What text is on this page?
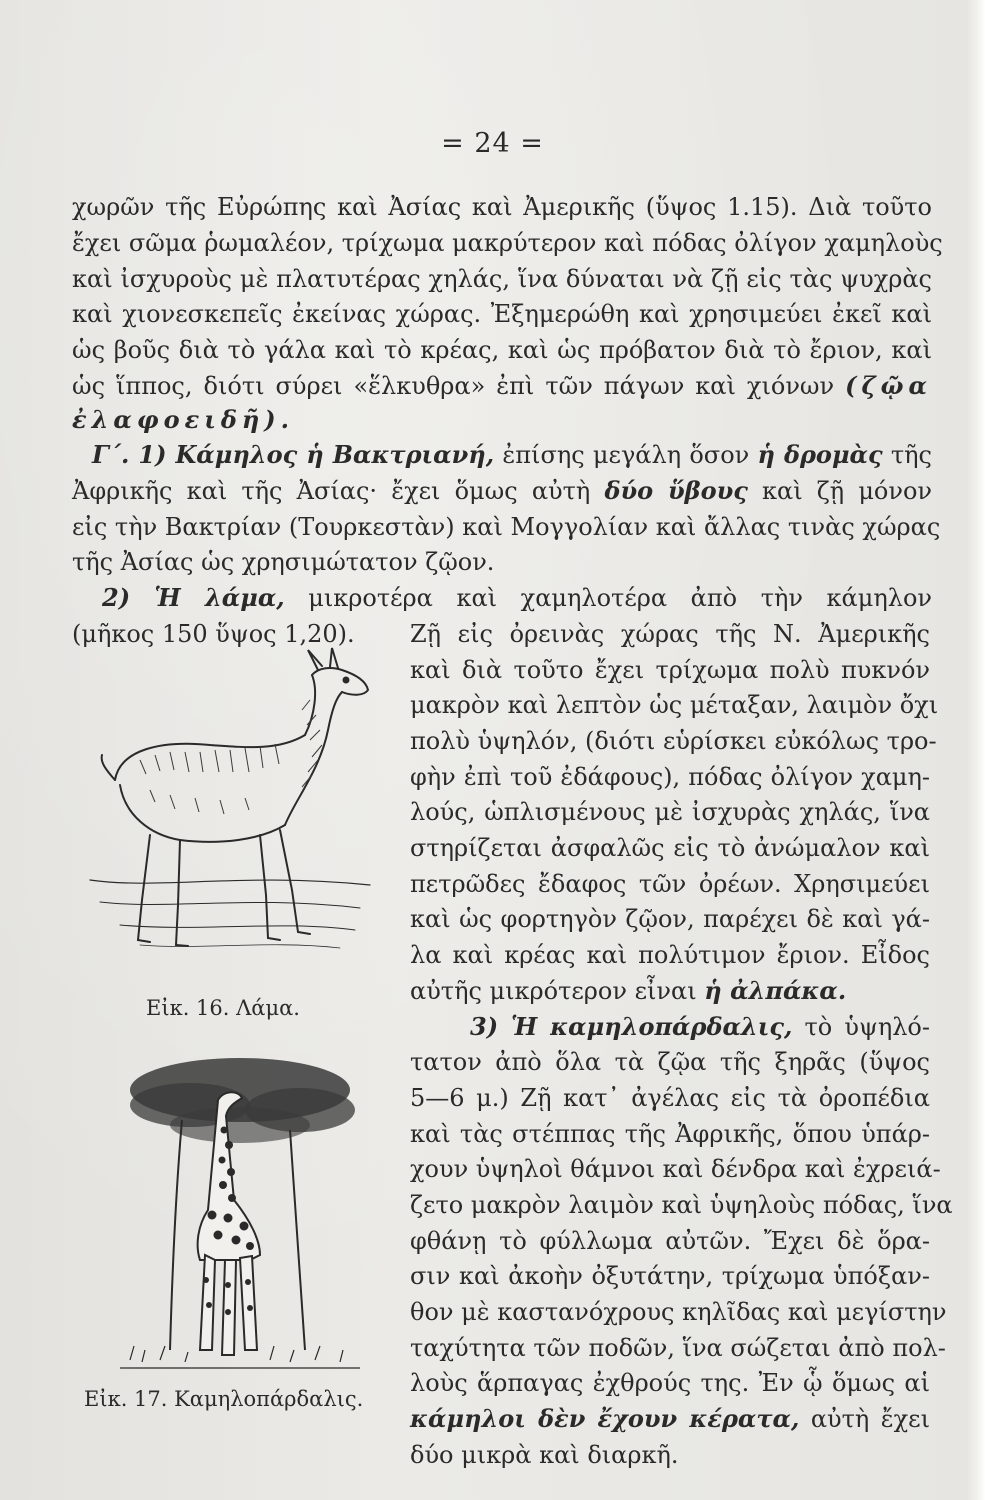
= 24 =
χωρῶν τῆς Εὐρώπης καὶ Ἀσίας καὶ Ἀμερικῆς (ὕψος 1.15). Διὰ τοῦτο
ἔχει σῶμα ῥωμαλέον, τρίχωμα μακρύτερον καὶ πόδας ὀλίγον χαμηλοὺς
καὶ ἰσχυροὺς μὲ πλατυτέρας χηλάς, ἵνα δύναται νὰ ζῇ εἰς τὰς ψυχρὰς
καὶ χιονεσκεπεῖς ἐκείνας χώρας. Ἐξημερώθη καὶ χρησιμεύει ἐκεῖ καὶ
ὡς βοῦς διὰ τὸ γάλα καὶ τὸ κρέας, καὶ ὡς πρόβατον διὰ τὸ ἔριον, καὶ
ὡς ἵππος, διότι σύρει «ἕλκυθρα» ἐπὶ τῶν πάγων καὶ χιόνων (ζῷα
ἐλαφοειδῆ).
Γ΄. 1) Κάμηλος ἡ Βακτριανή, ἐπίσης μεγάλη ὅσον ἡ δρομὰς τῆς
Ἀφρικῆς καὶ τῆς Ἀσίας· ἔχει ὅμως αὐτὴ δύο ὕβους καὶ ζῇ μόνον
εἰς τὴν Βακτρίαν (Τουρκεστὰν) καὶ Μογγολίαν καὶ ἄλλας τινὰς χώρας
τῆς Ἀσίας ὡς χρησιμώτατον ζῷον.
2) Ἡ λάμα, μικροτέρα καὶ χαμηλοτέρα ἀπὸ τὴν κάμηλον
(μῆκος 150 ὕψος 1,20). Ζῇ εἰς ὀρεινὰς χώρας τῆς Ν. Ἀμερικῆς
καὶ διὰ τοῦτο ἔχει τρίχωμα πολὺ πυκνόν
μακρὸν καὶ λεπτὸν ὡς μέταξαν, λαιμὸν ὄχι
πολὺ ὑψηλόν, (διότι εὑρίσκει εὐκόλως τρο-
φὴν ἐπὶ τοῦ ἐδάφους), πόδας ὀλίγον χαμη-
λούς, ὡπλισμένους μὲ ἰσχυρὰς χηλάς, ἵνα
στηρίζεται ἀσφαλῶς εἰς τὸ ἀνώμαλον καὶ
πετρῶδες ἔδαφος τῶν ὀρέων. Χρησιμεύει
καὶ ὡς φορτηγὸν ζῷον, παρέχει δὲ καὶ γά-
λα καὶ κρέας καὶ πολύτιμον ἔριον. Εἶδος
αὐτῆς μικρότερον εἶναι ἡ ἀλπάκα.
3) Ἡ καμηλοπάρδαλις, τὸ ὑψηλό-
τατον ἀπὸ ὅλα τὰ ζῷα τῆς ξηρᾶς (ὕψος
5—6 μ.) Ζῇ κατ᾽ ἀγέλας εἰς τὰ ὀροπέδια
καὶ τὰς στέππας τῆς Ἀφρικῆς, ὅπου ὑπάρ-
χουν ὑψηλοὶ θάμνοι καὶ δένδρα καὶ ἐχρειά-
ζετο μακρὸν λαιμὸν καὶ ὑψηλοὺς πόδας, ἵνα
φθάνῃ τὸ φύλλωμα αὐτῶν. Ἔχει δὲ ὅρα-
σιν καὶ ἀκοὴν ὀξυτάτην, τρίχωμα ὑπόξαν-
θον μὲ καστανόχρους κηλῖδας καὶ μεγίστην
ταχύτητα τῶν ποδῶν, ἵνα σώζεται ἀπὸ πολ-
λοὺς ἅρπαγας ἐχθρούς της. Ἐν ᾧ ὅμως αἱ
κάμηλοι δὲν ἔχουν κέρατα, αὐτὴ ἔχει
δύο μικρὰ καὶ διαρκῆ.
Εἰκ. 16. Λάμα.
Εἰκ. 17. Καμηλοπάρδαλις.
